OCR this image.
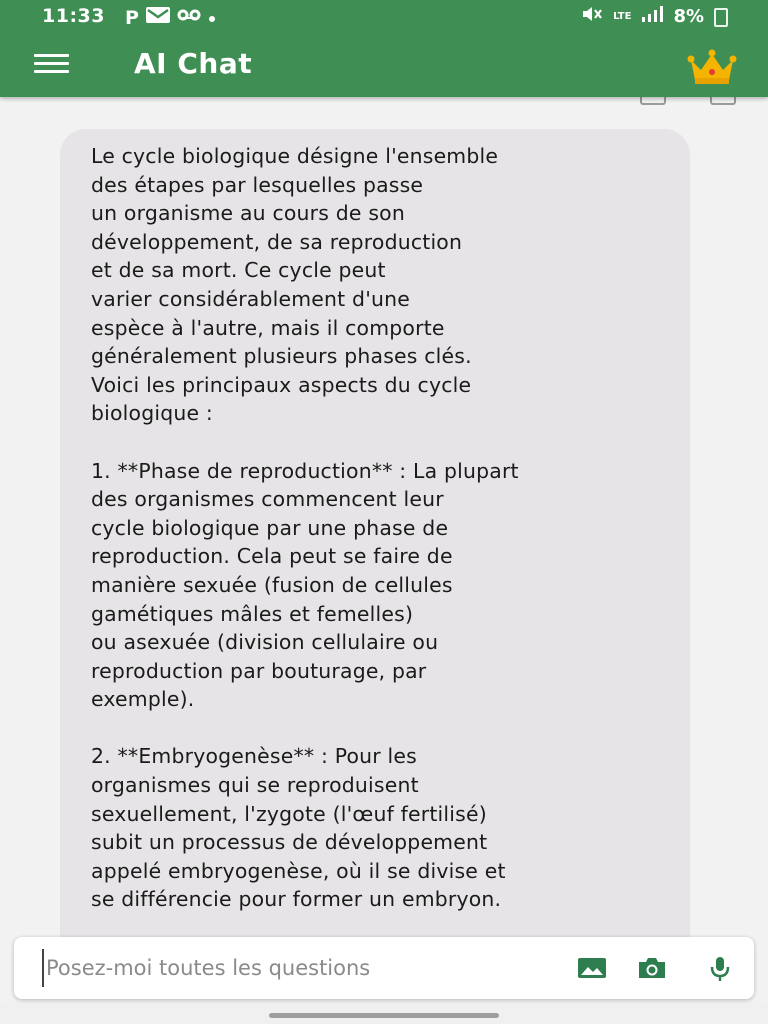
11:33 P	LTE 8%
AI Chat
Le cycle biologique désigne l'ensemble
des étapes par lesquelles passe
un organisme au cours de son
développement, de sa reproduction
et de sa mort. Ce cycle peut
varier considérablement d'une
espèce à l'autre, mais il comporte
généralement plusieurs phases clés.
Voici les principaux aspects du cycle
biologique :

1. **Phase de reproduction** : La plupart
des organismes commencent leur
cycle biologique par une phase de
reproduction. Cela peut se faire de
manière sexuée (fusion de cellules
gamétiques mâles et femelles)
ou asexuée (division cellulaire ou
reproduction par bouturage, par
exemple).

2. **Embryogenèse** : Pour les
organismes qui se reproduisent
sexuellement, l'zygote (l'œuf fertilisé)
subit un processus de développement
appelé embryogenèse, où il se divise et
se différencie pour former un embryon.
Posez-moi toutes les questions
